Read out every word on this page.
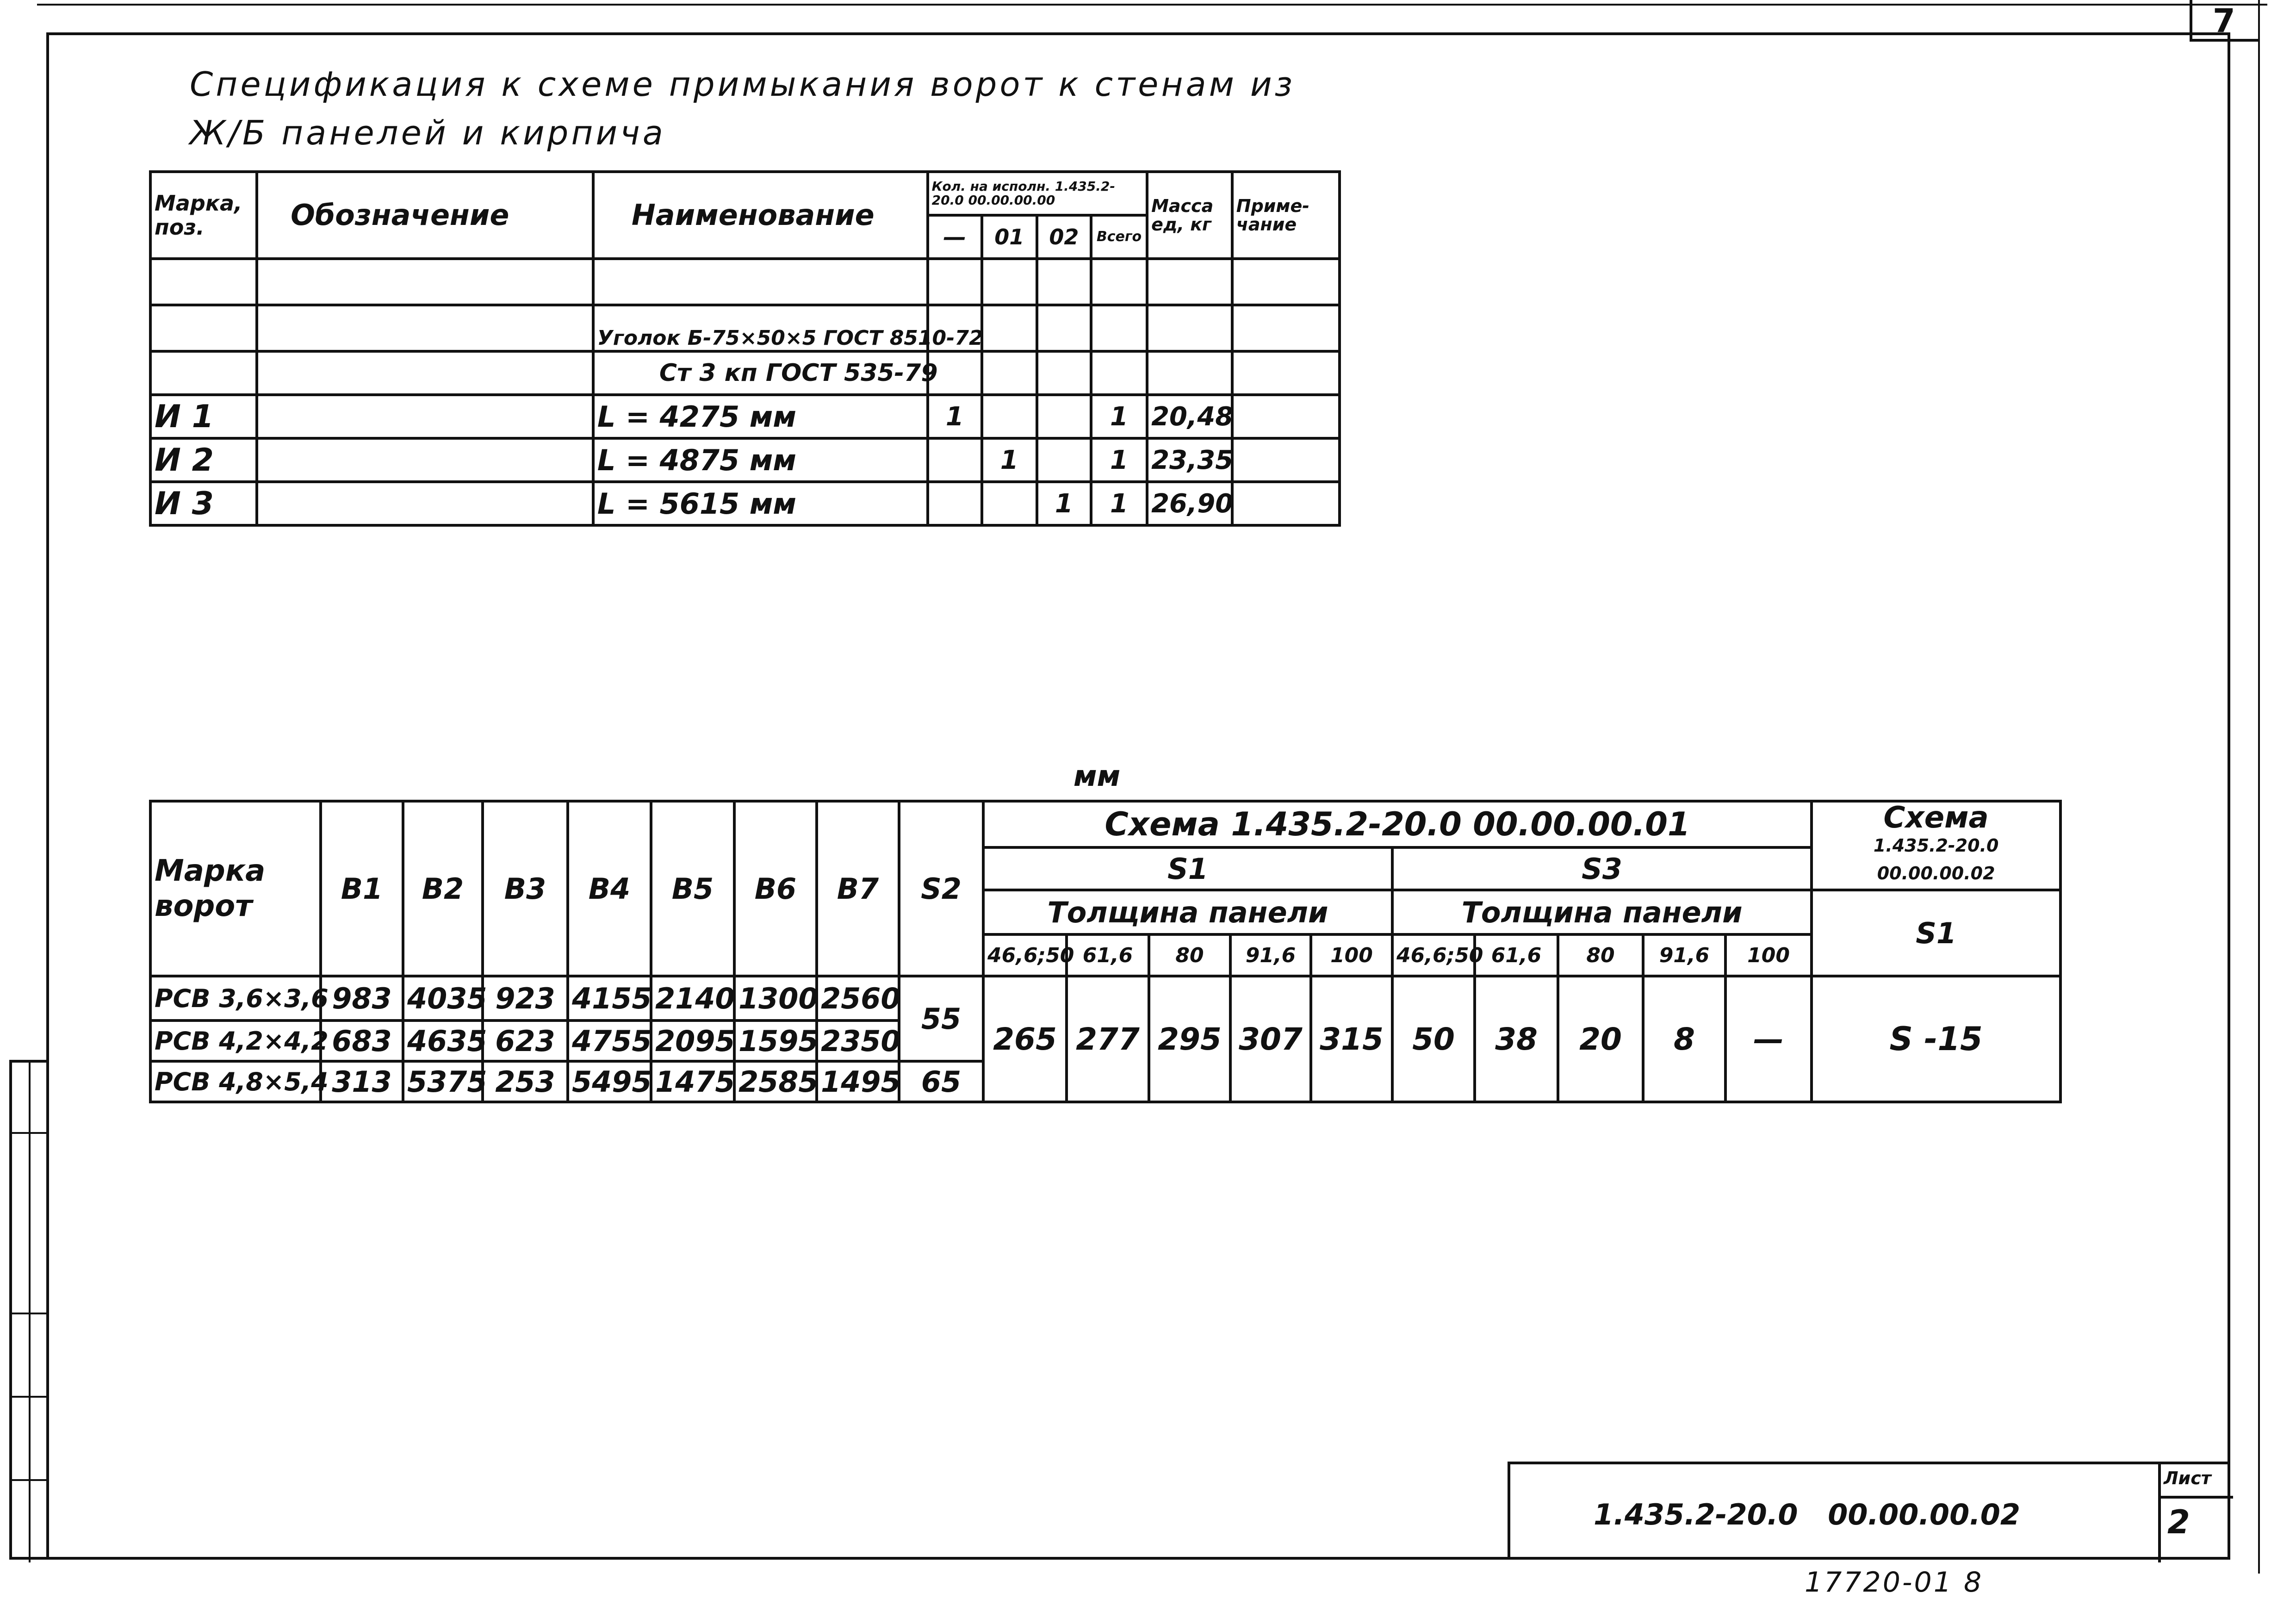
7
Спецификация к схеме примыкания ворот к стенам из
Ж/Б панелей и кирпича
Марка, поз.	Обозначение	Наименование	Кол. на исполн. 1.435.2-20.0 00.00.00.00				Масса ед, кг	Приме- чание
			—	01	02	Всего		

		Уголок Б-75×50×5 ГОСТ 8510-72						
		Ст 3 кп ГОСТ 535-79						
И 1		L = 4275 мм	1			1	20,48	
И 2		L = 4875 мм		1		1	23,35	
И 3		L = 5615 мм			1	1	26,90	
мм
Марка ворот	В1	В2	В3	В4	В5	В6	В7	S2	Схема 1.435.2-20.0 00.00.00.01										Схема
1.435.2-20.0 00.00.00.02

									S1					S3					
									Толщина панели					Толщина панели					S1
									46,6;50	61,6	80	91,6	100	46,6;50	61,6	80	91,6	100	
РСВ 3,6×3,6	983	4035	923	4155	2140	1300	2560	55	265	277	295	307	315	50	38	20	8	—	S -15
РСВ 4,2×4,2	683	4635	623	4755	2095	1595	2350												
РСВ 4,8×5,4	313	5375	253	5495	1475	2585	1495	65											
1.435.2-20.0   00.00.00.02
Лист
2
17720-01 8
